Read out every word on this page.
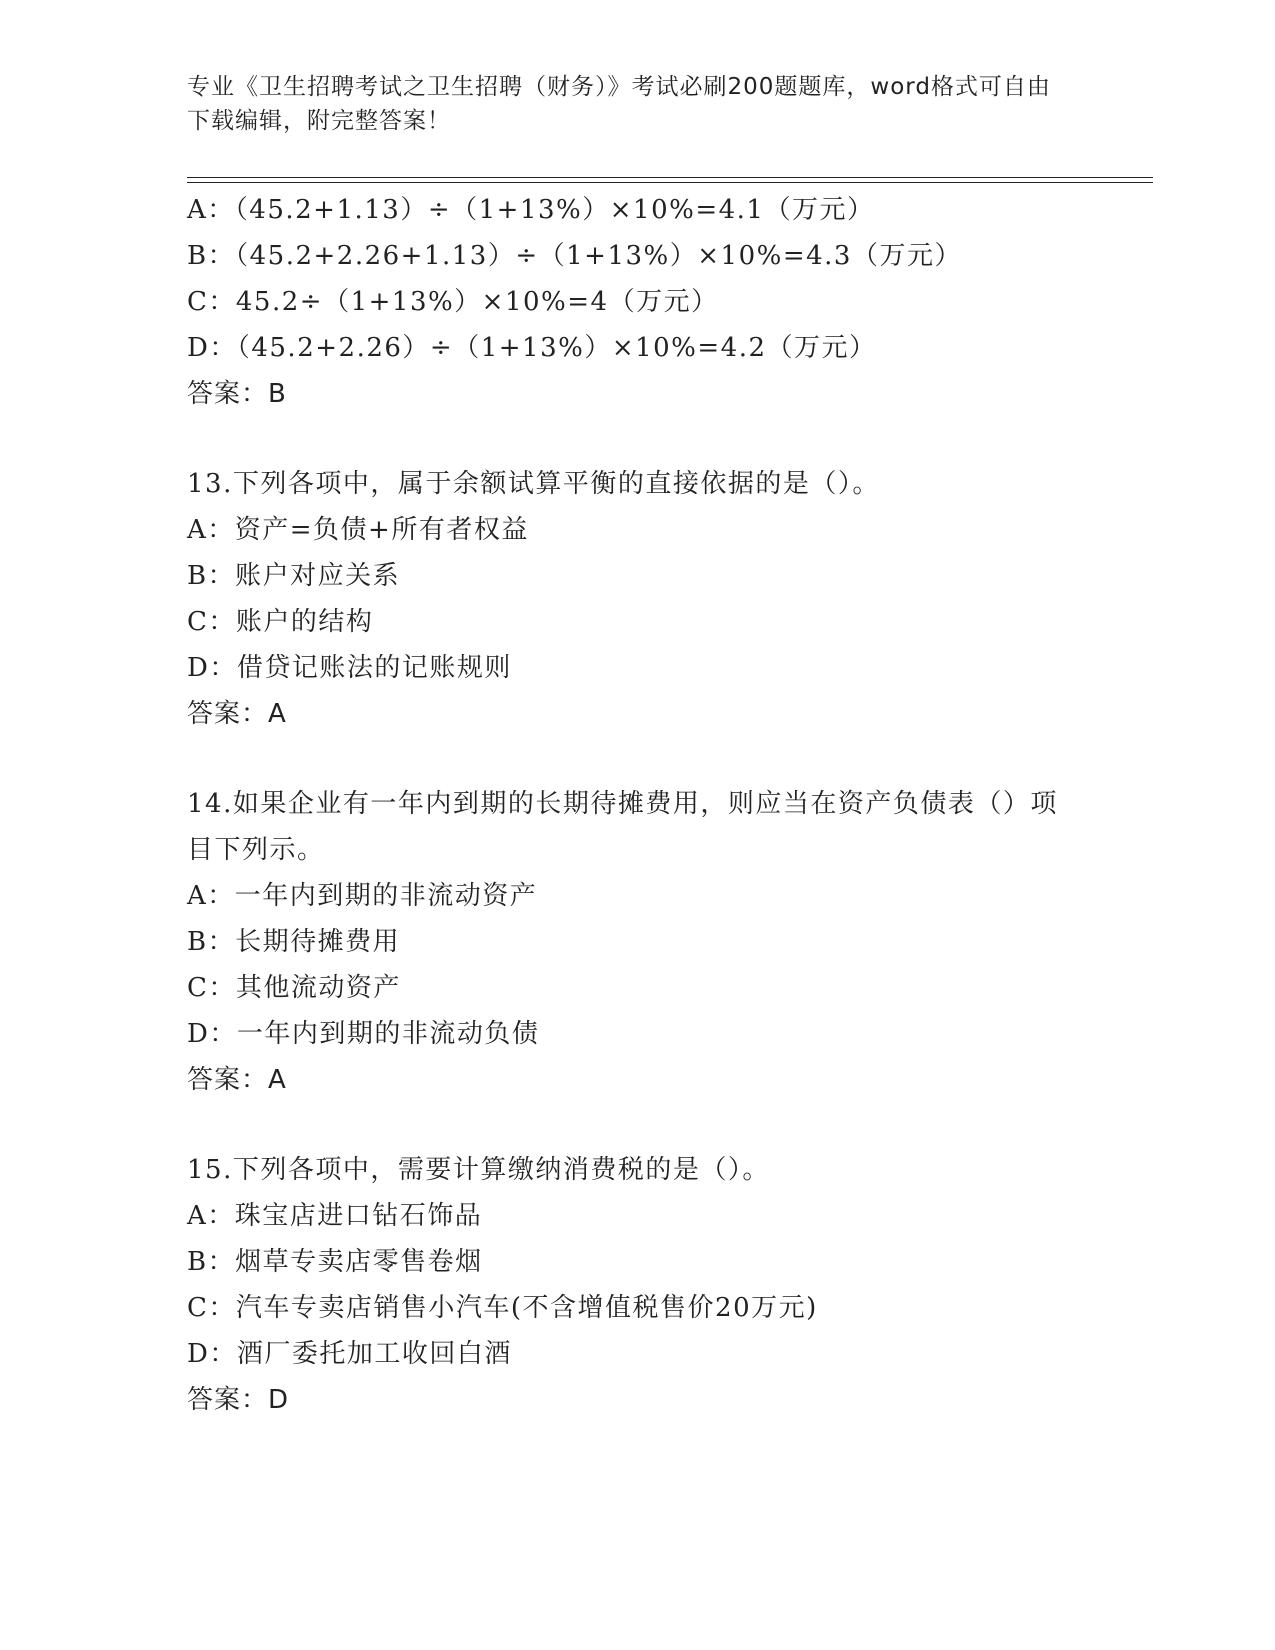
专业《卫生招聘考试之卫生招聘（财务）》考试必刷200题题库，word格式可自由下载编辑，附完整答案！
A：（45.2+1.13）÷（1+13%）×10%=4.1（万元）
B：（45.2+2.26+1.13）÷（1+13%）×10%=4.3（万元）
C：45.2÷（1+13%）×10%=4（万元）
D：（45.2+2.26）÷（1+13%）×10%=4.2（万元）
答案：B
13.下列各项中，属于余额试算平衡的直接依据的是（）。
A：资产=负债+所有者权益
B：账户对应关系
C：账户的结构
D：借贷记账法的记账规则
答案：A
14.如果企业有一年内到期的长期待摊费用，则应当在资产负债表（）项目下列示。
A：一年内到期的非流动资产
B：长期待摊费用
C：其他流动资产
D：一年内到期的非流动负债
答案：A
15.下列各项中，需要计算缴纳消费税的是（）。
A：珠宝店进口钻石饰品
B：烟草专卖店零售卷烟
C：汽车专卖店销售小汽车(不含增值税售价20万元)
D：酒厂委托加工收回白酒
答案：D
